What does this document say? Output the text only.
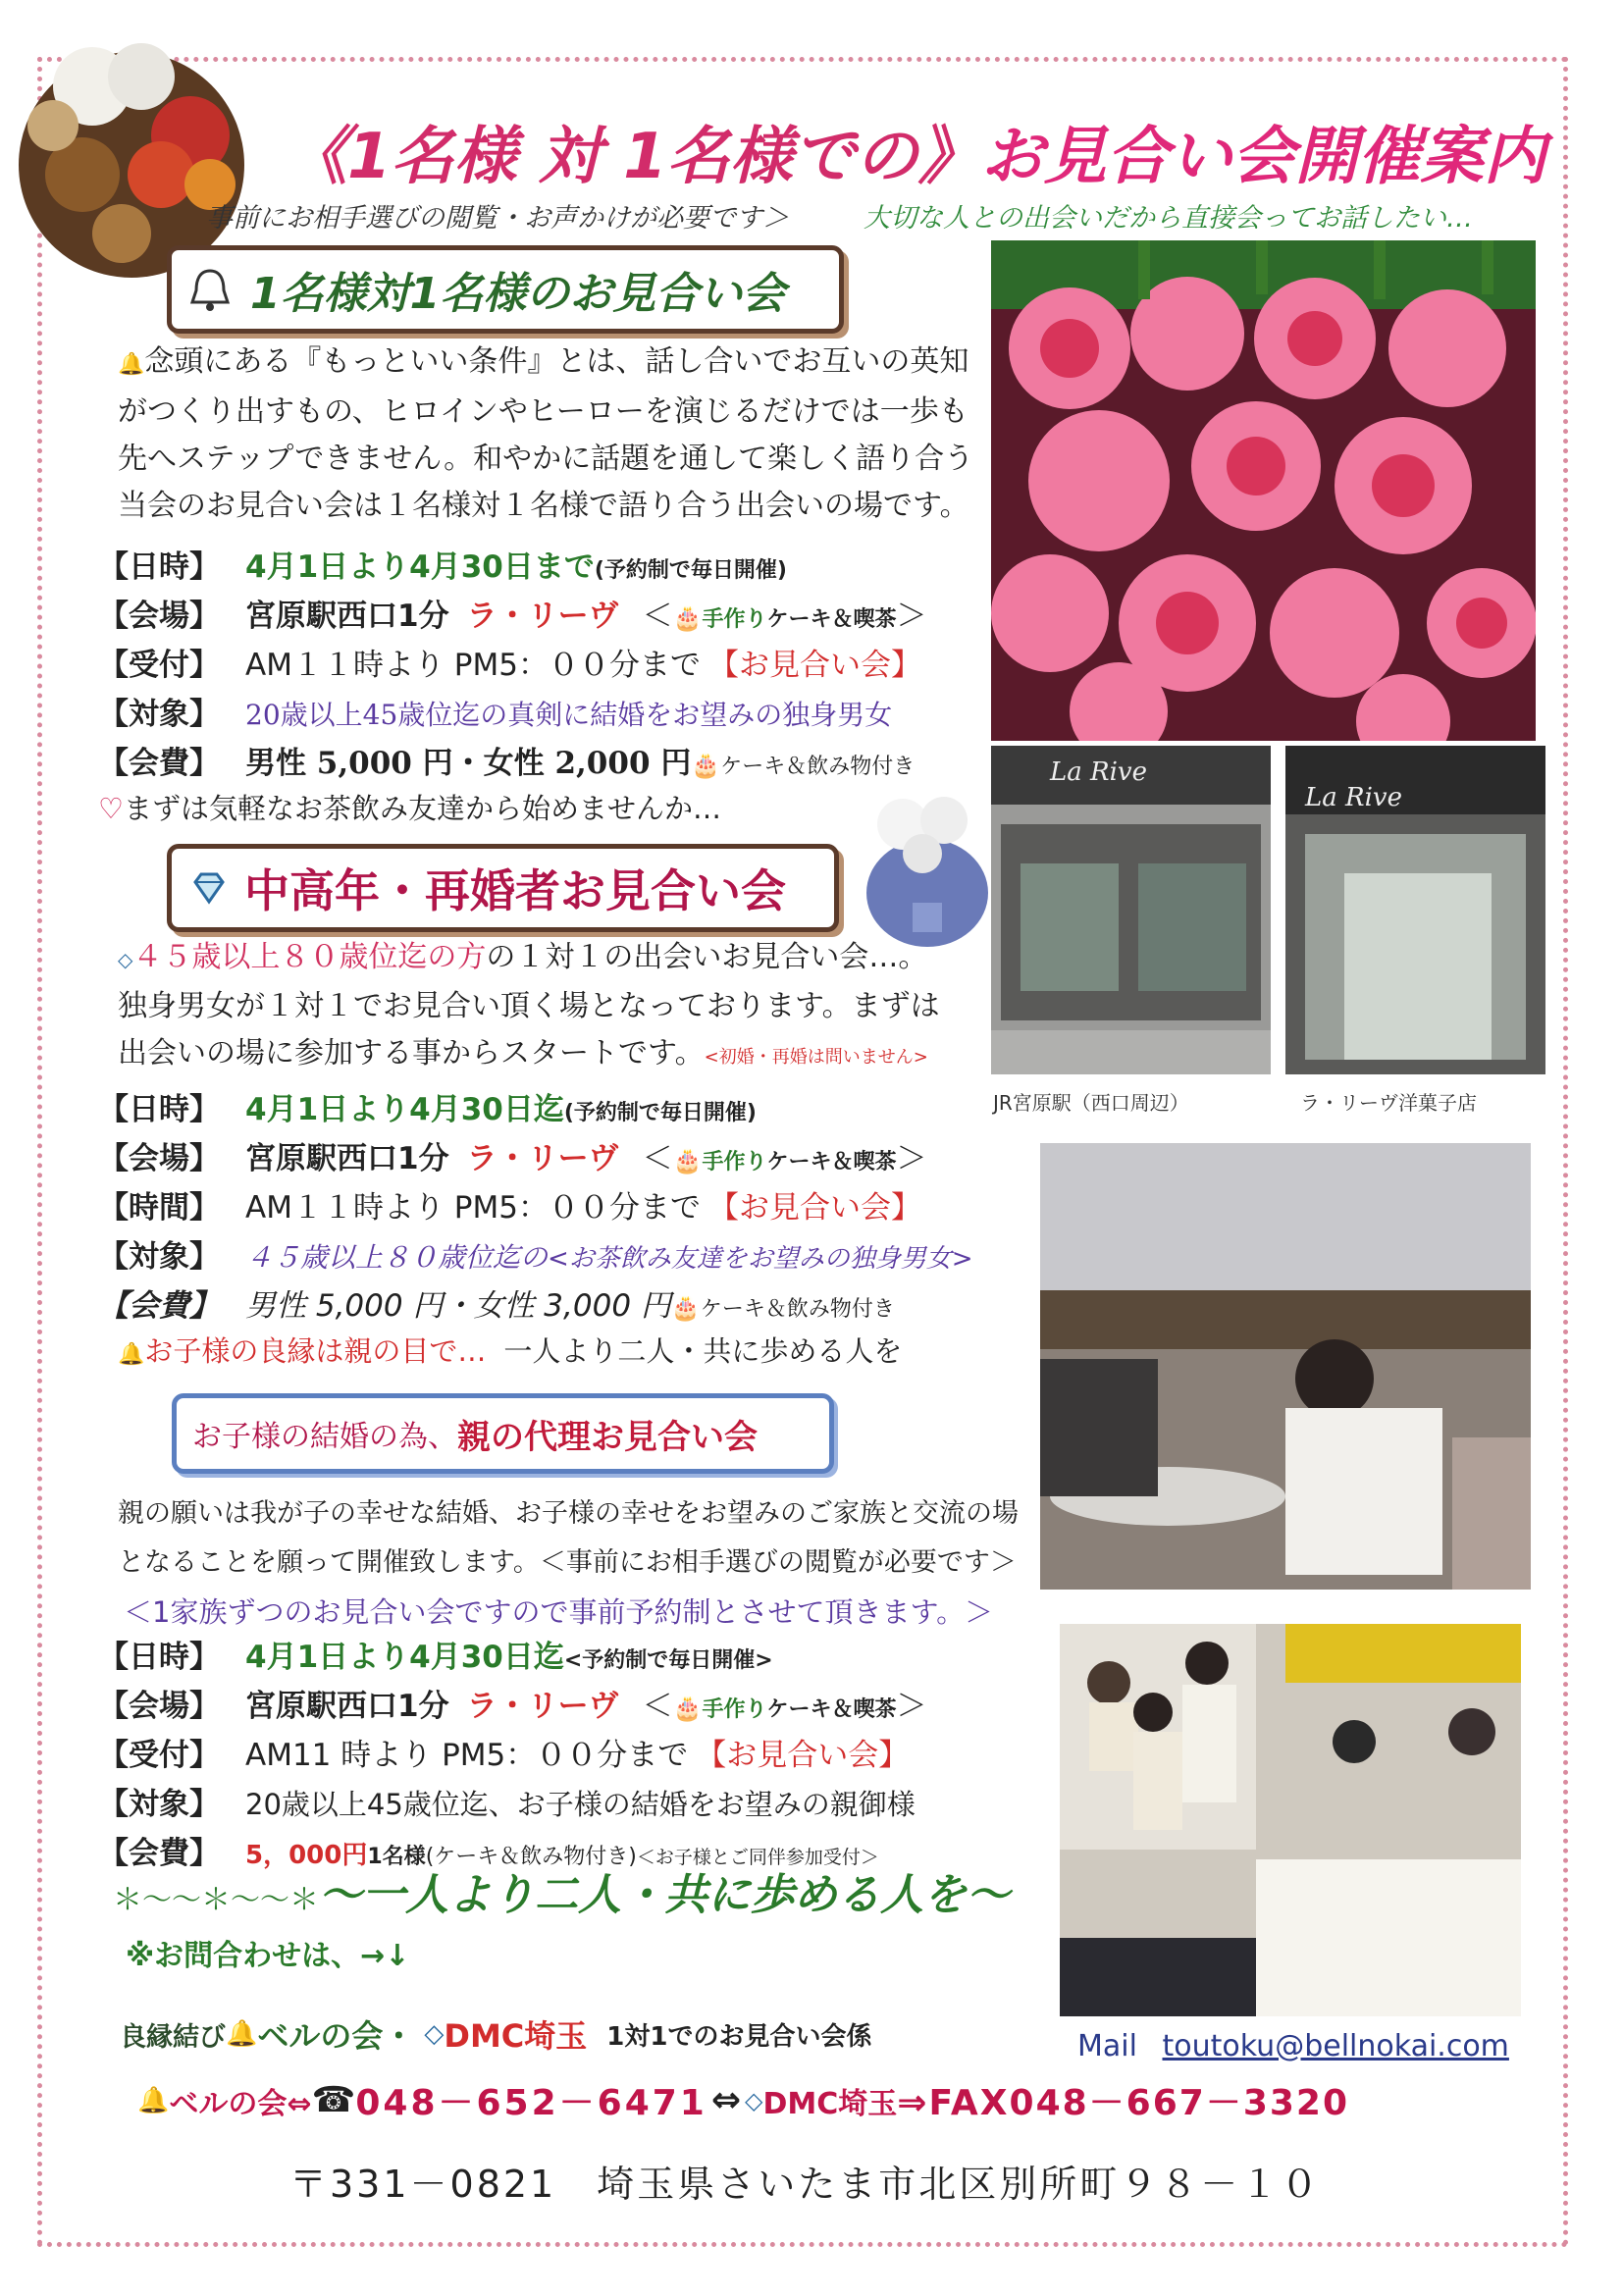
《1名様 対 1名様での》お見合い会開催案内
事前にお相手選びの閲覧・お声かけが必要です＞	大切な人との出会いだから直接会ってお話したい…
1名様対1名様のお見合い会
🔔念頭にある『もっといい条件』とは、話し合いでお互いの英知
がつくり出すもの、ヒロインやヒーローを演じるだけでは一歩も
先へステップできません。和やかに話題を通して楽しく語り合う
当会のお見合い会は１名様対１名様で語り合う出会いの場です。
【日時】 4月1日より4月30日まで (予約制で毎日開催)
【会場】 宮原駅西口1分 ラ・リーヴ ＜ 🎂 手作り ケーキ＆喫茶 ＞
【受付】 AM１１時より PM5：００分まで 【お見合い会】
【対象】 20歳以上45歳位迄の真剣に結婚をお望みの独身男女
【会費】 男性 5,000 円・女性 2,000 円 🎂 ケーキ＆飲み物付き
♡ まずは気軽なお茶飲み友達から始めませんか…
中高年・再婚者お見合い会
La Rive
La Rive
JR宮原駅（西口周辺）	ラ・リーヴ洋菓子店
◇４５歳以上８０歳位迄の方の１対１の出会いお見合い会…。
独身男女が１対１でお見合い頂く場となっております。まずは
出会いの場に参加する事からスタートです。<初婚・再婚は問いません>
【日時】 4月1日より4月30日迄 (予約制で毎日開催)
【会場】 宮原駅西口1分 ラ・リーヴ ＜ 🎂 手作り ケーキ＆喫茶 ＞
【時間】 AM１１時より PM5：００分まで 【お見合い会】
【対象】 ４５歳以上８０歳位迄の <お茶飲み友達をお望みの独身男女>
【会費】 男性 5,000 円・女性 3,000 円 🎂 ケーキ＆飲み物付き
🔔 お子様の良縁は親の目で… 一人より二人・共に歩める人を
お子様の結婚の為、 親の代理お見合い会
親の願いは我が子の幸せな結婚、お子様の幸せをお望みのご家族と交流の場
となることを願って開催致します。＜事前にお相手選びの閲覧が必要です＞
＜1家族ずつのお見合い会ですので事前予約制とさせて頂きます。＞
【日時】 4月1日より4月30日迄 <予約制で毎日開催>
【会場】 宮原駅西口1分 ラ・リーヴ ＜ 🎂 手作り ケーキ＆喫茶 ＞
【受付】 AM11 時より PM5：００分まで 【お見合い会】
【対象】 20歳以上45歳位迄、お子様の結婚をお望みの親御様
【会費】	5，000円 1名様 (ケーキ＆飲み物付き) ＜お子様とご同伴参加受付＞
＊～～＊～～＊～一人より二人・共に歩める人を～
※お問合わせは、→↓
良縁結び 🔔 ベルの会・ ◇ DMC埼玉 1対1でのお見合い会係	Mail toutoku@bellnokai.com
🔔 ベルの会⇔ ☎ 048－652－6471 ⇔ ◇ DMC埼玉 ⇒FAX048－667－3320
〒331－0821　埼玉県さいたま市北区別所町９８－１０
